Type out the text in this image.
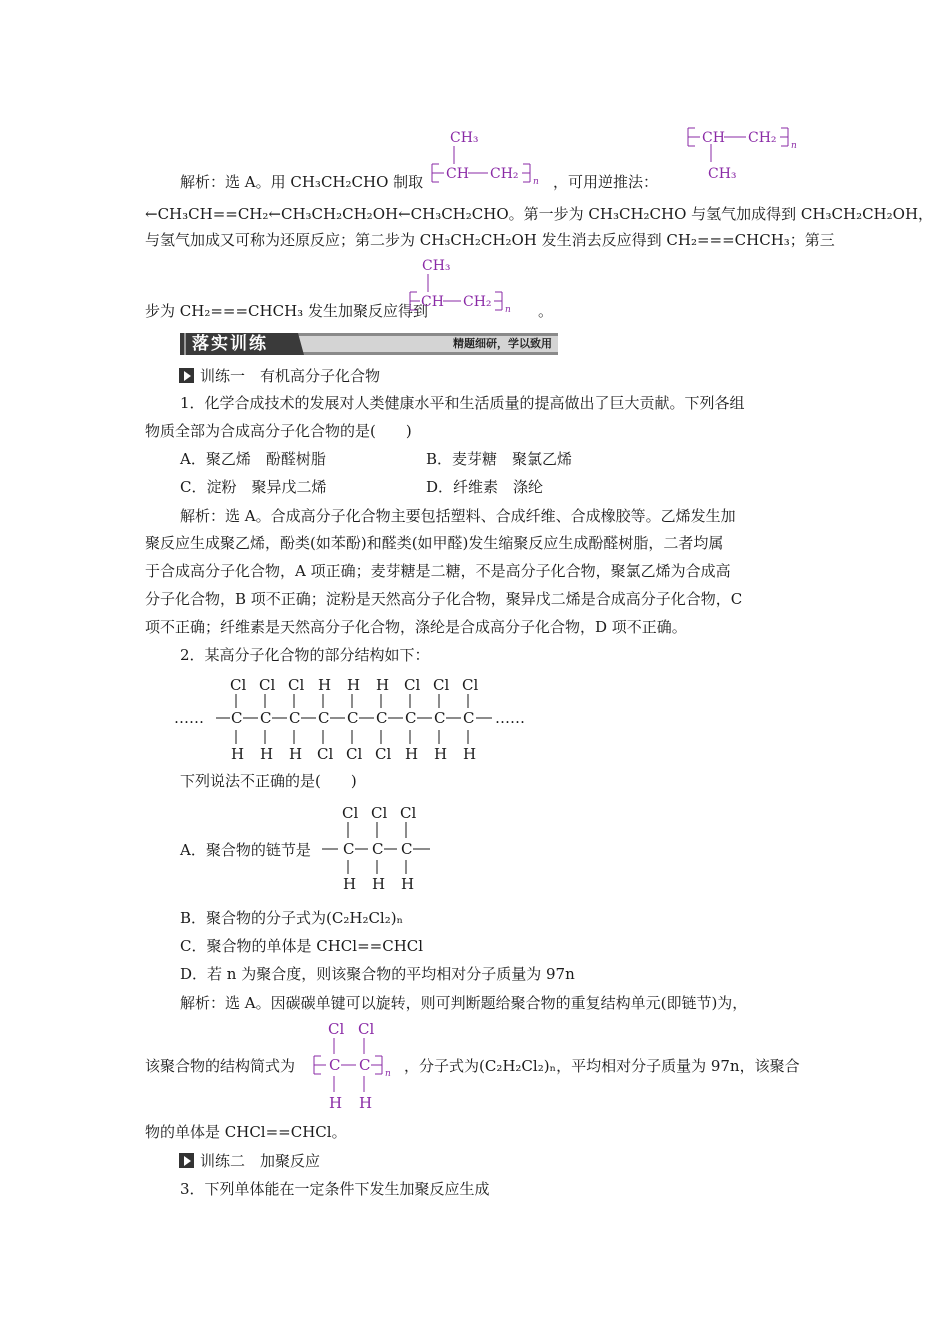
解析：选 A。用 CH₃CH₂CHO 制取
CH₃
CH CH₂ n ，可用逆推法：
CH CH₂ n
CH₃
←CH₃CH==CH₂←CH₃CH₂CH₂OH←CH₃CH₂CHO。第一步为 CH₃CH₂CHO 与氢气加成得到 CH₃CH₂CH₂OH，
与氢气加成又可称为还原反应；第二步为 CH₃CH₂CH₂OH 发生消去反应得到 CH₂===CHCH₃；第三
步为 CH₂===CHCH₃ 发生加聚反应得到
CH₃
CH CH₂ n 。
落实训练	精题细研，学以致用
训练一　有机高分子化合物
1．化学合成技术的发展对人类健康水平和生活质量的提高做出了巨大贡献。下列各组
物质全部为合成高分子化合物的是(　　)
A．聚乙烯　酚醛树脂	B．麦芽糖　聚氯乙烯
C．淀粉　聚异戊二烯	D．纤维素　涤纶
解析：选 A。合成高分子化合物主要包括塑料、合成纤维、合成橡胶等。乙烯发生加
聚反应生成聚乙烯，酚类(如苯酚)和醛类(如甲醛)发生缩聚反应生成酚醛树脂，二者均属
于合成高分子化合物，A 项正确；麦芽糖是二糖，不是高分子化合物，聚氯乙烯为合成高
分子化合物，B 项不正确；淀粉是天然高分子化合物，聚异戊二烯是合成高分子化合物，C
项不正确；纤维素是天然高分子化合物，涤纶是合成高分子化合物，D 项不正确。
2．某高分子化合物的部分结构如下：
……
Cl
C
H
Cl
C
H
Cl
C
H
H
C
Cl
H
C
Cl
H
C
Cl
Cl
C
H
Cl
C
H
Cl
C
H
……
下列说法不正确的是(　　)
A．聚合物的链节是
Cl
C
H
Cl
C
H
Cl
C
H
B．聚合物的分子式为(C₂H₂Cl₂)ₙ
C．聚合物的单体是 CHCl==CHCl
D．若 n 为聚合度，则该聚合物的平均相对分子质量为 97n
解析：选 A。因碳碳单键可以旋转，则可判断题给聚合物的重复结构单元(即链节)为，
该聚合物的结构简式为
Cl Cl
C C n
H H
，分子式为(C₂H₂Cl₂)ₙ，平均相对分子质量为 97n，该聚合
物的单体是 CHCl==CHCl。
训练二　加聚反应
3．下列单体能在一定条件下发生加聚反应生成
